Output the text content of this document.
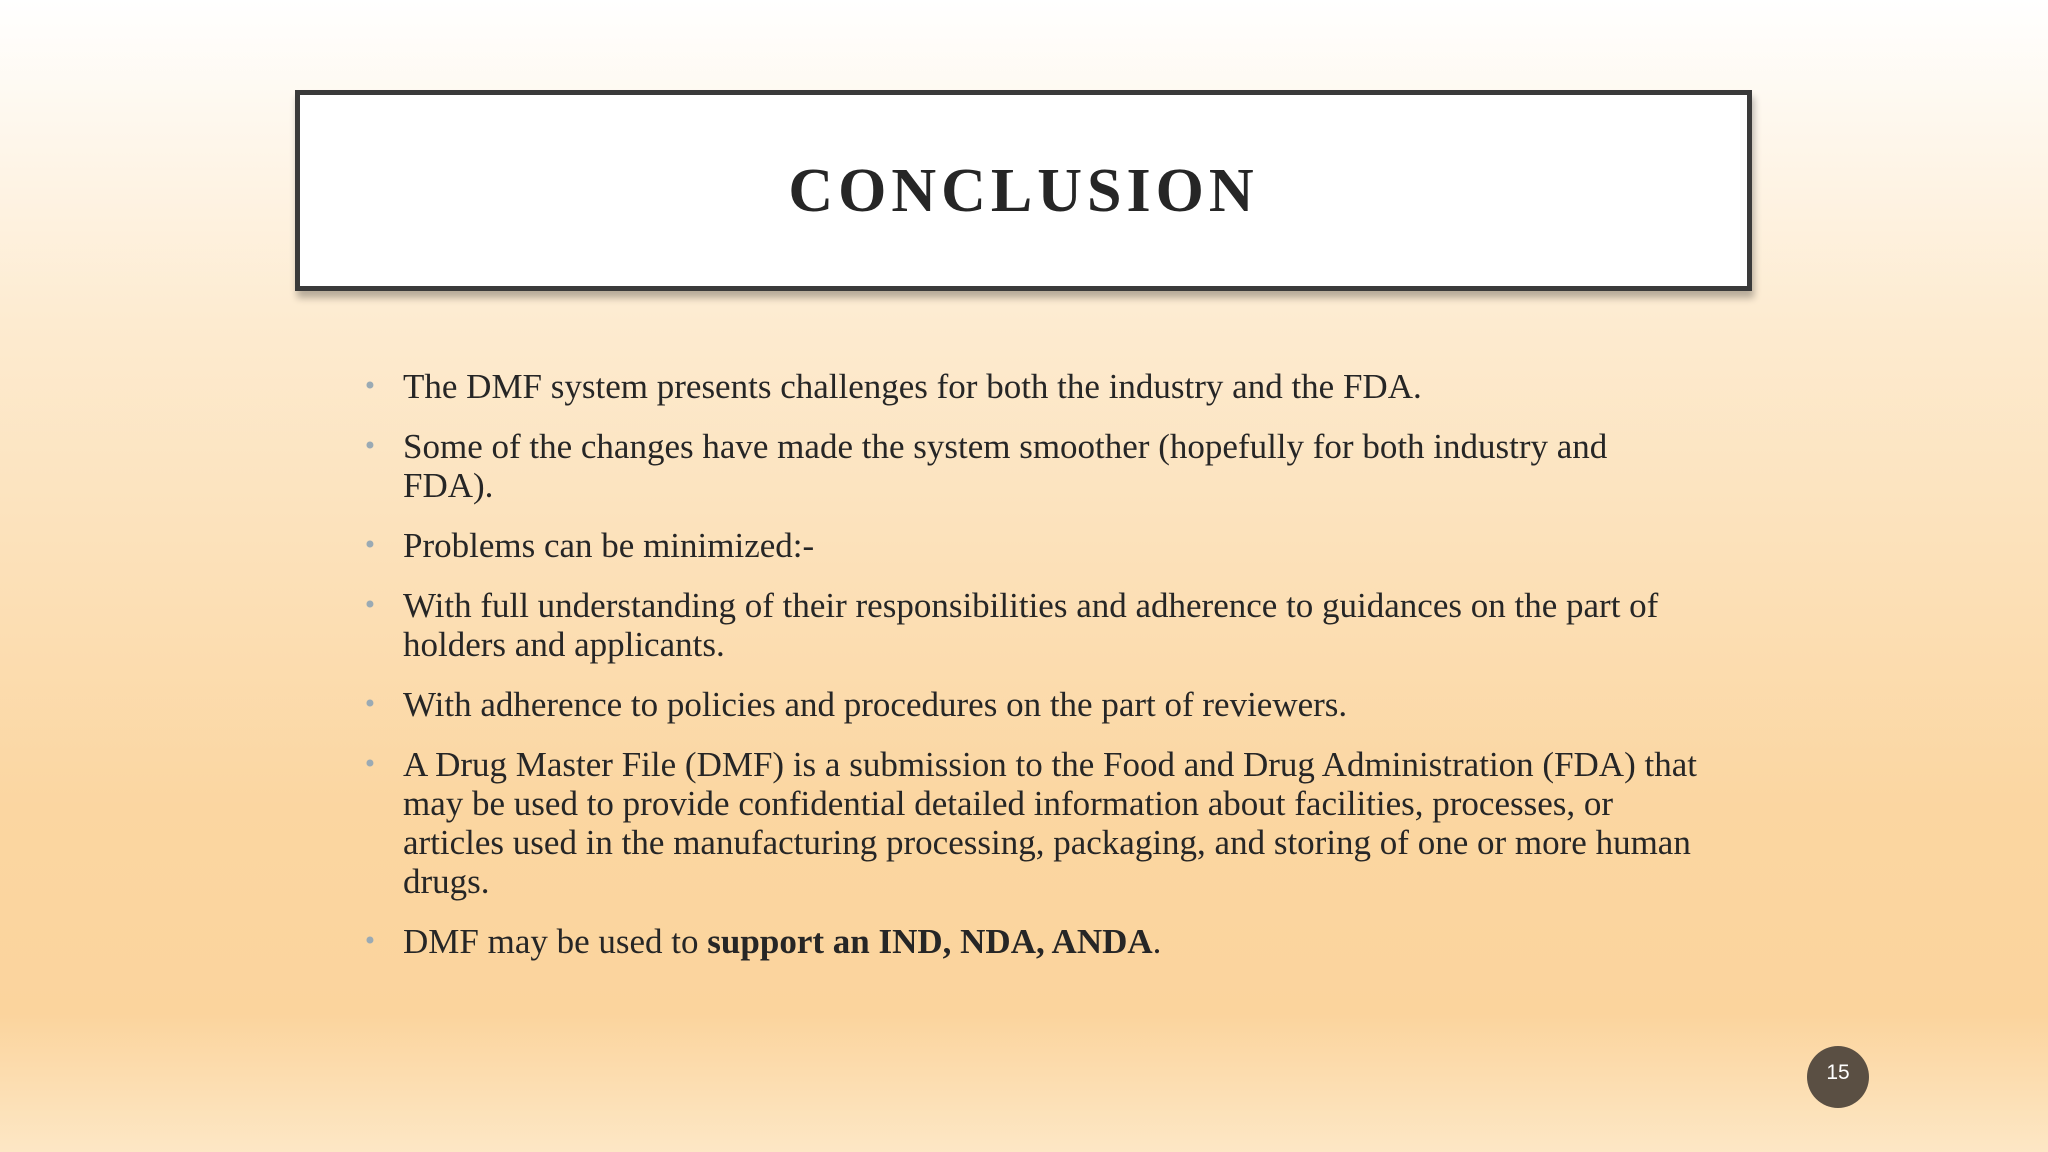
CONCLUSION
• The DMF system presents challenges for both the industry and the FDA.
• Some of the changes have made the system smoother (hopefully for both industry and FDA).
• Problems can be minimized:-
• With full understanding of their responsibilities and adherence to guidances on the part of holders and applicants.
• With adherence to policies and procedures on the part of reviewers.
• A Drug Master File (DMF) is a submission to the Food and Drug Administration (FDA) that may be used to provide confidential detailed information about facilities, processes, or articles used in the manufacturing processing, packaging, and storing of one or more human drugs.
• DMF may be used to support an IND, NDA, ANDA.
15
